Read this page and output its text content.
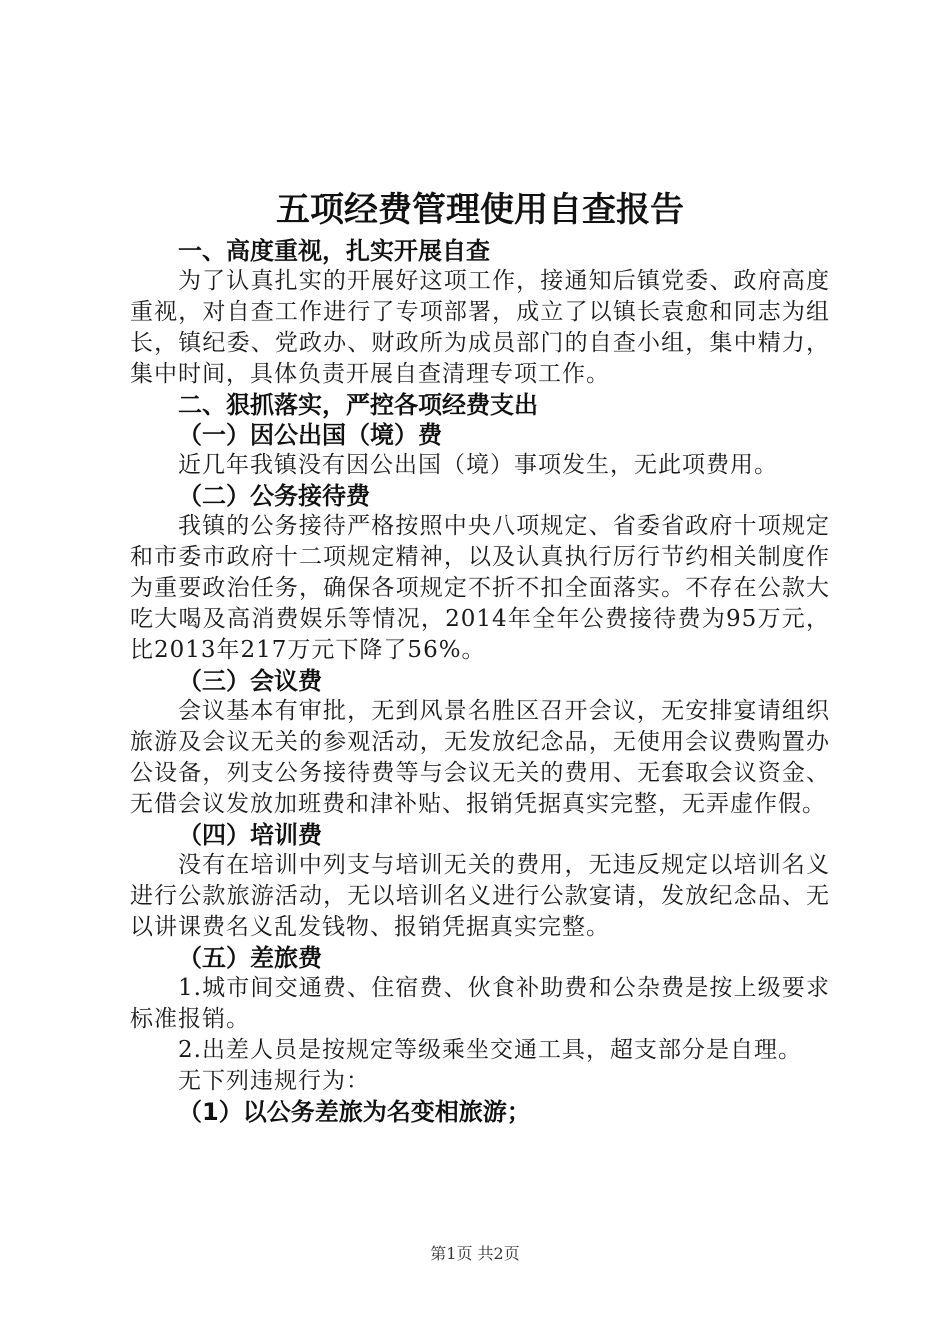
五项经费管理使用自查报告
一、高度重视，扎实开展自查

为了认真扎实的开展好这项工作，接通知后镇党委、政府高度重视，对自查工作进行了专项部署，成立了以镇长袁愈和同志为组长，镇纪委、党政办、财政所为成员部门的自查小组，集中精力，集中时间，具体负责开展自查清理专项工作。

二、狠抓落实，严控各项经费支出
（一）因公出国（境）费

近几年我镇没有因公出国（境）事项发生，无此项费用。

（二）公务接待费

我镇的公务接待严格按照中央八项规定、省委省政府十项规定和市委市政府十二项规定精神，以及认真执行厉行节约相关制度作为重要政治任务，确保各项规定不折不扣全面落实。不存在公款大吃大喝及高消费娱乐等情况，2014年全年公费接待费为95万元，比2013年217万元下降了56%。

（三）会议费

会议基本有审批，无到风景名胜区召开会议，无安排宴请组织旅游及会议无关的参观活动，无发放纪念品，无使用会议费购置办公设备，列支公务接待费等与会议无关的费用、无套取会议资金、无借会议发放加班费和津补贴、报销凭据真实完整，无弄虚作假。

（四）培训费

没有在培训中列支与培训无关的费用，无违反规定以培训名义进行公款旅游活动，无以培训名义进行公款宴请，发放纪念品、无以讲课费名义乱发钱物、报销凭据真实完整。

（五）差旅费

1.城市间交通费、住宿费、伙食补助费和公杂费是按上级要求标准报销。

2.出差人员是按规定等级乘坐交通工具，超支部分是自理。

无下列违规行为：

（1）以公务差旅为名变相旅游；
第1页 共2页
